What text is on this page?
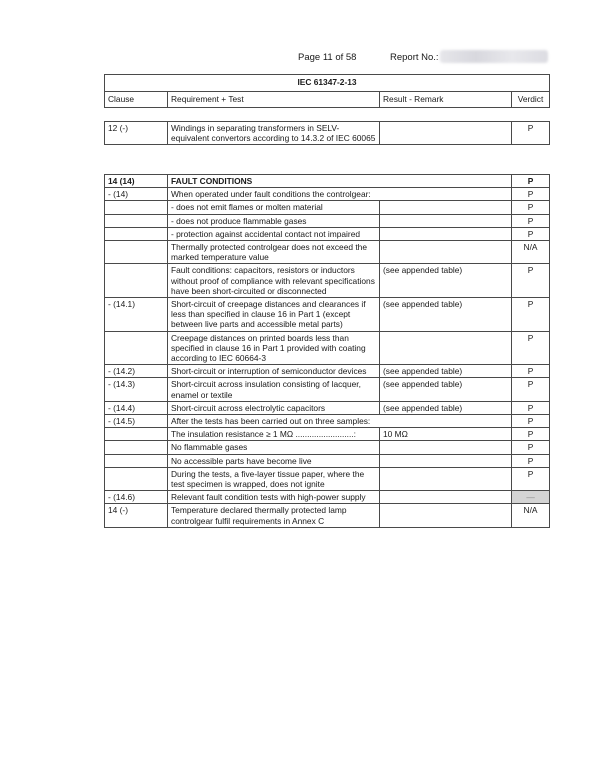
Page 11 of 58	Report No.:
IEC 61347-2-13
Clause	Requirement + Test	Result - Remark	Verdict
12 (-)	Windings in separating transformers in SELV-equivalent convertors according to 14.3.2 of IEC 60065		P
14 (14)	FAULT CONDITIONS		P
- (14)	When operated under fault conditions the controlgear:		P
	- does not emit flames or molten material		P
	- does not produce flammable gases		P
	- protection against accidental contact not impaired		P
	Thermally protected controlgear does not exceed the marked temperature value		N/A
	Fault conditions: capacitors, resistors or inductors without proof of compliance with relevant specifications have been short-circuited or disconnected	(see appended table)	P
- (14.1)	Short-circuit of creepage distances and clearances if less than specified in clause 16 in Part 1 (except between live parts and accessible metal parts)	(see appended table)	P
	Creepage distances on printed boards less than specified in clause 16 in Part 1 provided with coating according to IEC 60664-3		P
- (14.2)	Short-circuit or interruption of semiconductor devices	(see appended table)	P
- (14.3)	Short-circuit across insulation consisting of lacquer, enamel or textile	(see appended table)	P
- (14.4)	Short-circuit across electrolytic capacitors	(see appended table)	P
- (14.5)	After the tests has been carried out on three samples:		P
	The insulation resistance ≥ 1 MΩ .........................:	10 MΩ	P
	No flammable gases		P
	No accessible parts have become live		P
	During the tests, a five-layer tissue paper, where the test specimen is wrapped, does not ignite		P
- (14.6)	Relevant fault condition tests with high-power supply		—
14 (-)	Temperature declared thermally protected lamp controlgear fulfil requirements in Annex C		N/A
